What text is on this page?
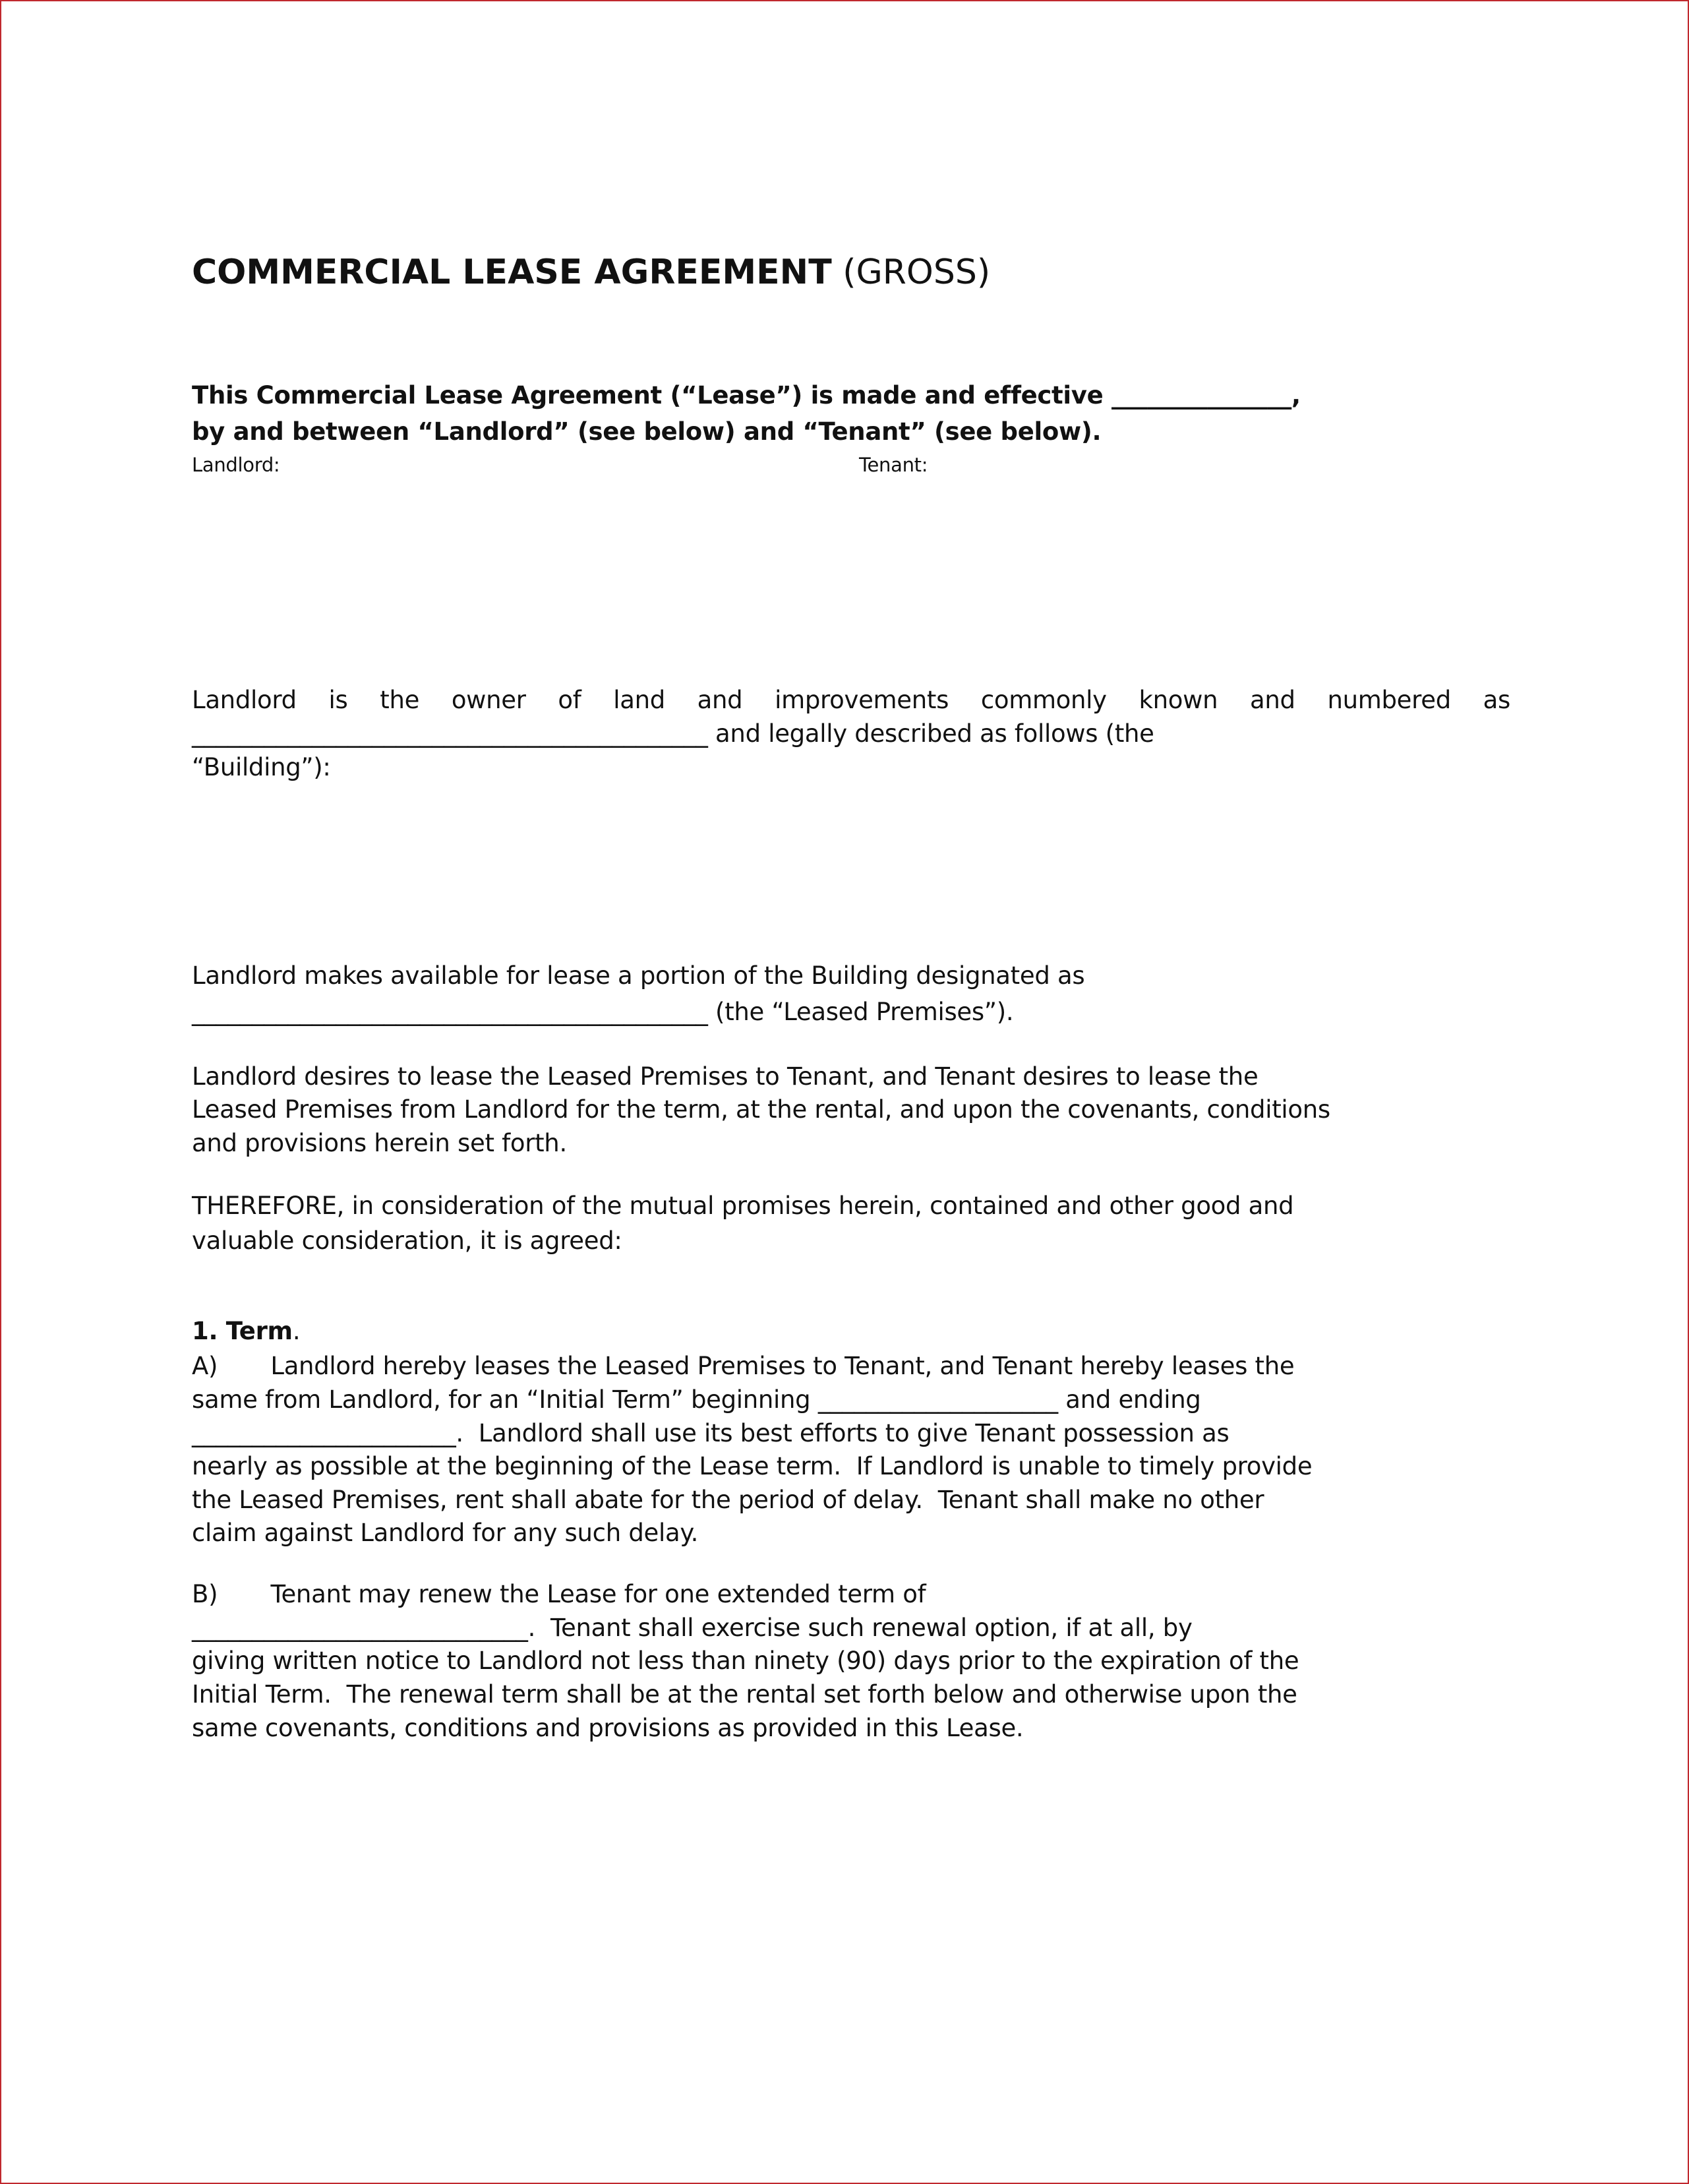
COMMERCIAL LEASE AGREEMENT (GROSS)
This Commercial Lease Agreement (“Lease”) is made and effective _______________,
by and between “Landlord” (see below) and “Tenant” (see below).
Landlord:	Tenant:
Landlord is the owner of land and improvements commonly known and numbered as
___________________________________________ and legally described as follows (the
“Building”):
Landlord makes available for lease a portion of the Building designated as
___________________________________________ (the “Leased Premises”).
Landlord desires to lease the Leased Premises to Tenant, and Tenant desires to lease the
Leased Premises from Landlord for the term, at the rental, and upon the covenants, conditions
and provisions herein set forth.
THEREFORE, in consideration of the mutual promises herein, contained and other good and
valuable consideration, it is agreed:
1. Term.
A)       Landlord hereby leases the Leased Premises to Tenant, and Tenant hereby leases the
same from Landlord, for an “Initial Term” beginning ____________________ and ending
______________________.  Landlord shall use its best efforts to give Tenant possession as
nearly as possible at the beginning of the Lease term.  If Landlord is unable to timely provide
the Leased Premises, rent shall abate for the period of delay.  Tenant shall make no other
claim against Landlord for any such delay.
B)       Tenant may renew the Lease for one extended term of
____________________________.  Tenant shall exercise such renewal option, if at all, by
giving written notice to Landlord not less than ninety (90) days prior to the expiration of the
Initial Term.  The renewal term shall be at the rental set forth below and otherwise upon the
same covenants, conditions and provisions as provided in this Lease.
